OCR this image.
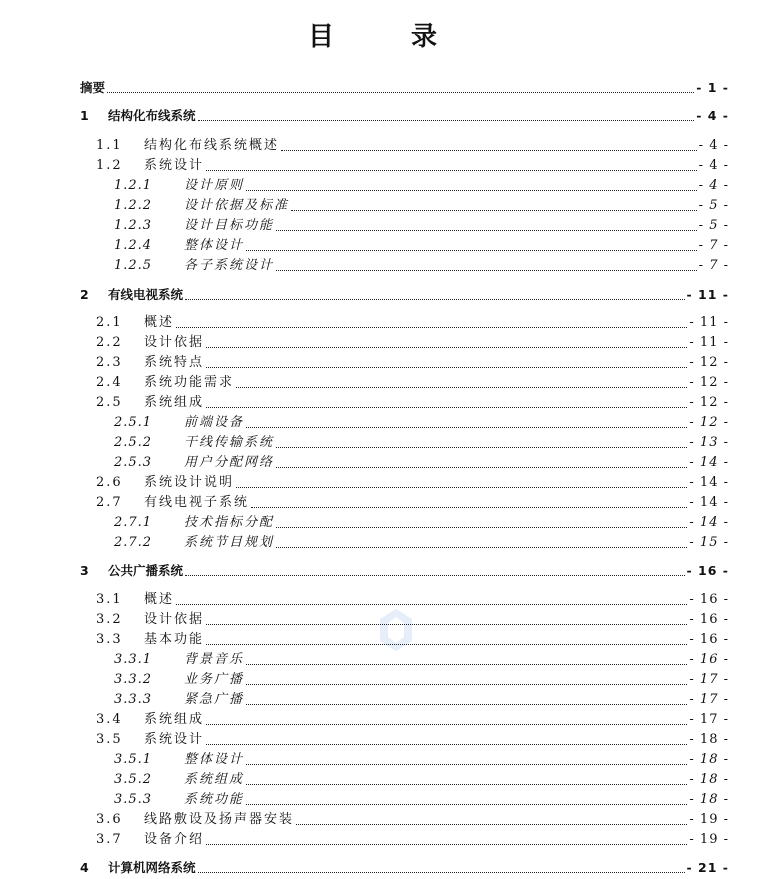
目 录
摘要	- 1 -
1	结构化布线系统	- 4 -
1.1	结构化布线系统概述	- 4 -
1.2	系统设计	- 4 -
1.2.1	设计原则	- 4 -
1.2.2	设计依据及标准	- 5 -
1.2.3	设计目标功能	- 5 -
1.2.4	整体设计	- 7 -
1.2.5	各子系统设计	- 7 -
2	有线电视系统	- 11 -
2.1	概述	- 11 -
2.2	设计依据	- 11 -
2.3	系统特点	- 12 -
2.4	系统功能需求	- 12 -
2.5	系统组成	- 12 -
2.5.1	前端设备	- 12 -
2.5.2	干线传输系统	- 13 -
2.5.3	用户分配网络	- 14 -
2.6	系统设计说明	- 14 -
2.7	有线电视子系统	- 14 -
2.7.1	技术指标分配	- 14 -
2.7.2	系统节目规划	- 15 -
3	公共广播系统	- 16 -
3.1	概述	- 16 -
3.2	设计依据	- 16 -
3.3	基本功能	- 16 -
3.3.1	背景音乐	- 16 -
3.3.2	业务广播	- 17 -
3.3.3	紧急广播	- 17 -
3.4	系统组成	- 17 -
3.5	系统设计	- 18 -
3.5.1	整体设计	- 18 -
3.5.2	系统组成	- 18 -
3.5.3	系统功能	- 18 -
3.6	线路敷设及扬声器安装	- 19 -
3.7	设备介绍	- 19 -
4	计算机网络系统	- 21 -
